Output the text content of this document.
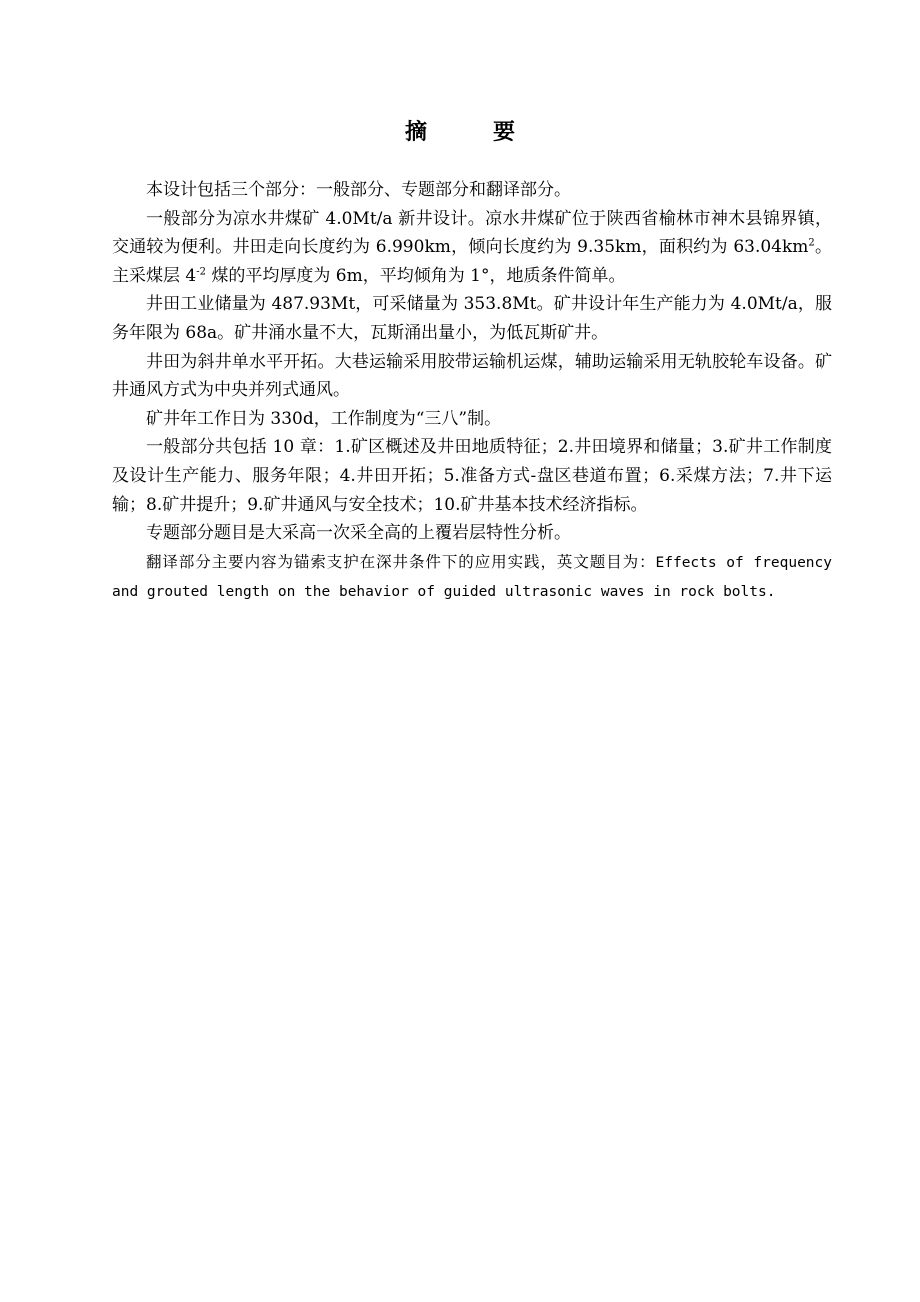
摘　要

本设计包括三个部分：一般部分、专题部分和翻译部分。

一般部分为凉水井煤矿 4.0Mt/a 新井设计。凉水井煤矿位于陕西省榆林市神木县锦界镇，交通较为便利。井田走向长度约为 6.990km，倾向长度约为 9.35km，面积约为 $63.04km^2$。主采煤层 $4^{-2}$ 煤的平均厚度为 6m，平均倾角为 1°，地质条件简单。

井田工业储量为 487.93Mt，可采储量为 353.8Mt。矿井设计年生产能力为 4.0Mt/a，服务年限为 68a。矿井涌水量不大，瓦斯涌出量小，为低瓦斯矿井。

井田为斜井单水平开拓。大巷运输采用胶带运输机运煤，辅助运输采用无轨胶轮车设备。矿井通风方式为中央并列式通风。

矿井年工作日为 330d，工作制度为“三八”制。

一般部分共包括 10 章：1.矿区概述及井田地质特征；2.井田境界和储量；3.矿井工作制度及设计生产能力、服务年限；4.井田开拓；5.准备方式-盘区巷道布置；6.采煤方法；7.井下运输；8.矿井提升；9.矿井通风与安全技术；10.矿井基本技术经济指标。

专题部分题目是大采高一次采全高的上覆岩层特性分析。

翻译部分主要内容为锚索支护在深井条件下的应用实践，英文题目为：Effects of frequency and grouted length on the behavior of guided ultrasonic waves in rock bolts.
